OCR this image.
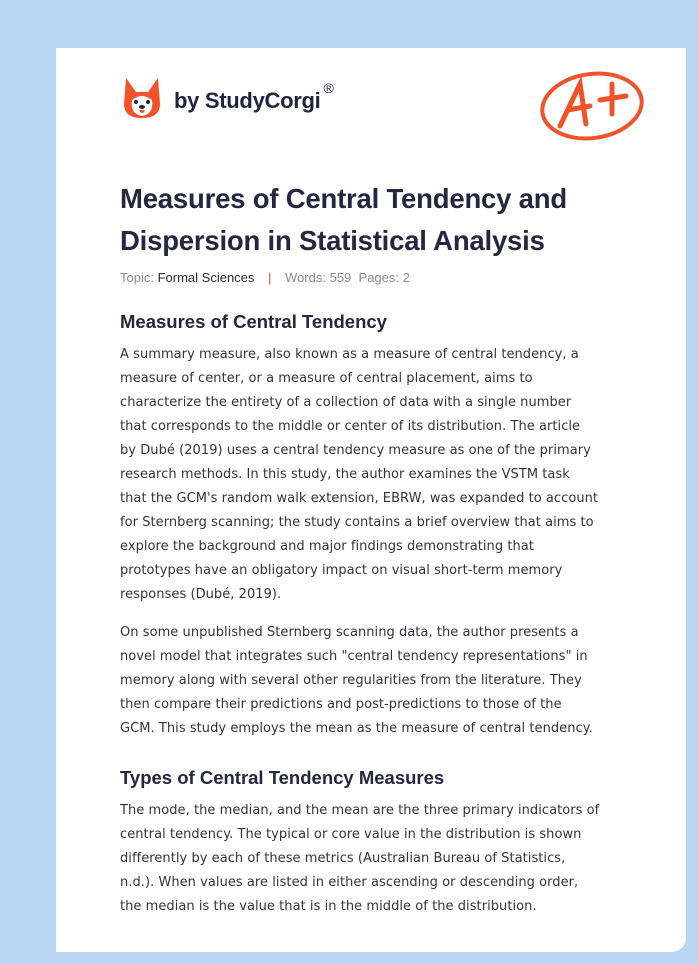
by StudyCorgi ®
Measures of Central Tendency and Dispersion in Statistical Analysis
Topic: Formal Sciences | Words: 559 Pages: 2
Measures of Central Tendency

A summary measure, also known as a measure of central tendency, a measure of center, or a measure of central placement, aims to characterize the entirety of a collection of data with a single number that corresponds to the middle or center of its distribution. The article by Dubé (2019) uses a central tendency measure as one of the primary research methods. In this study, the author examines the VSTM task that the GCM's random walk extension, EBRW, was expanded to account for Sternberg scanning; the study contains a brief overview that aims to explore the background and major findings demonstrating that prototypes have an obligatory impact on visual short-term memory responses (Dubé, 2019).

On some unpublished Sternberg scanning data, the author presents a novel model that integrates such "central tendency representations" in memory along with several other regularities from the literature. They then compare their predictions and post-predictions to those of the GCM. This study employs the mean as the measure of central tendency.

Types of Central Tendency Measures

The mode, the median, and the mean are the three primary indicators of central tendency. The typical or core value in the distribution is shown differently by each of these metrics (Australian Bureau of Statistics, n.d.). When values are listed in either ascending or descending order, the median is the value that is in the middle of the distribution.
